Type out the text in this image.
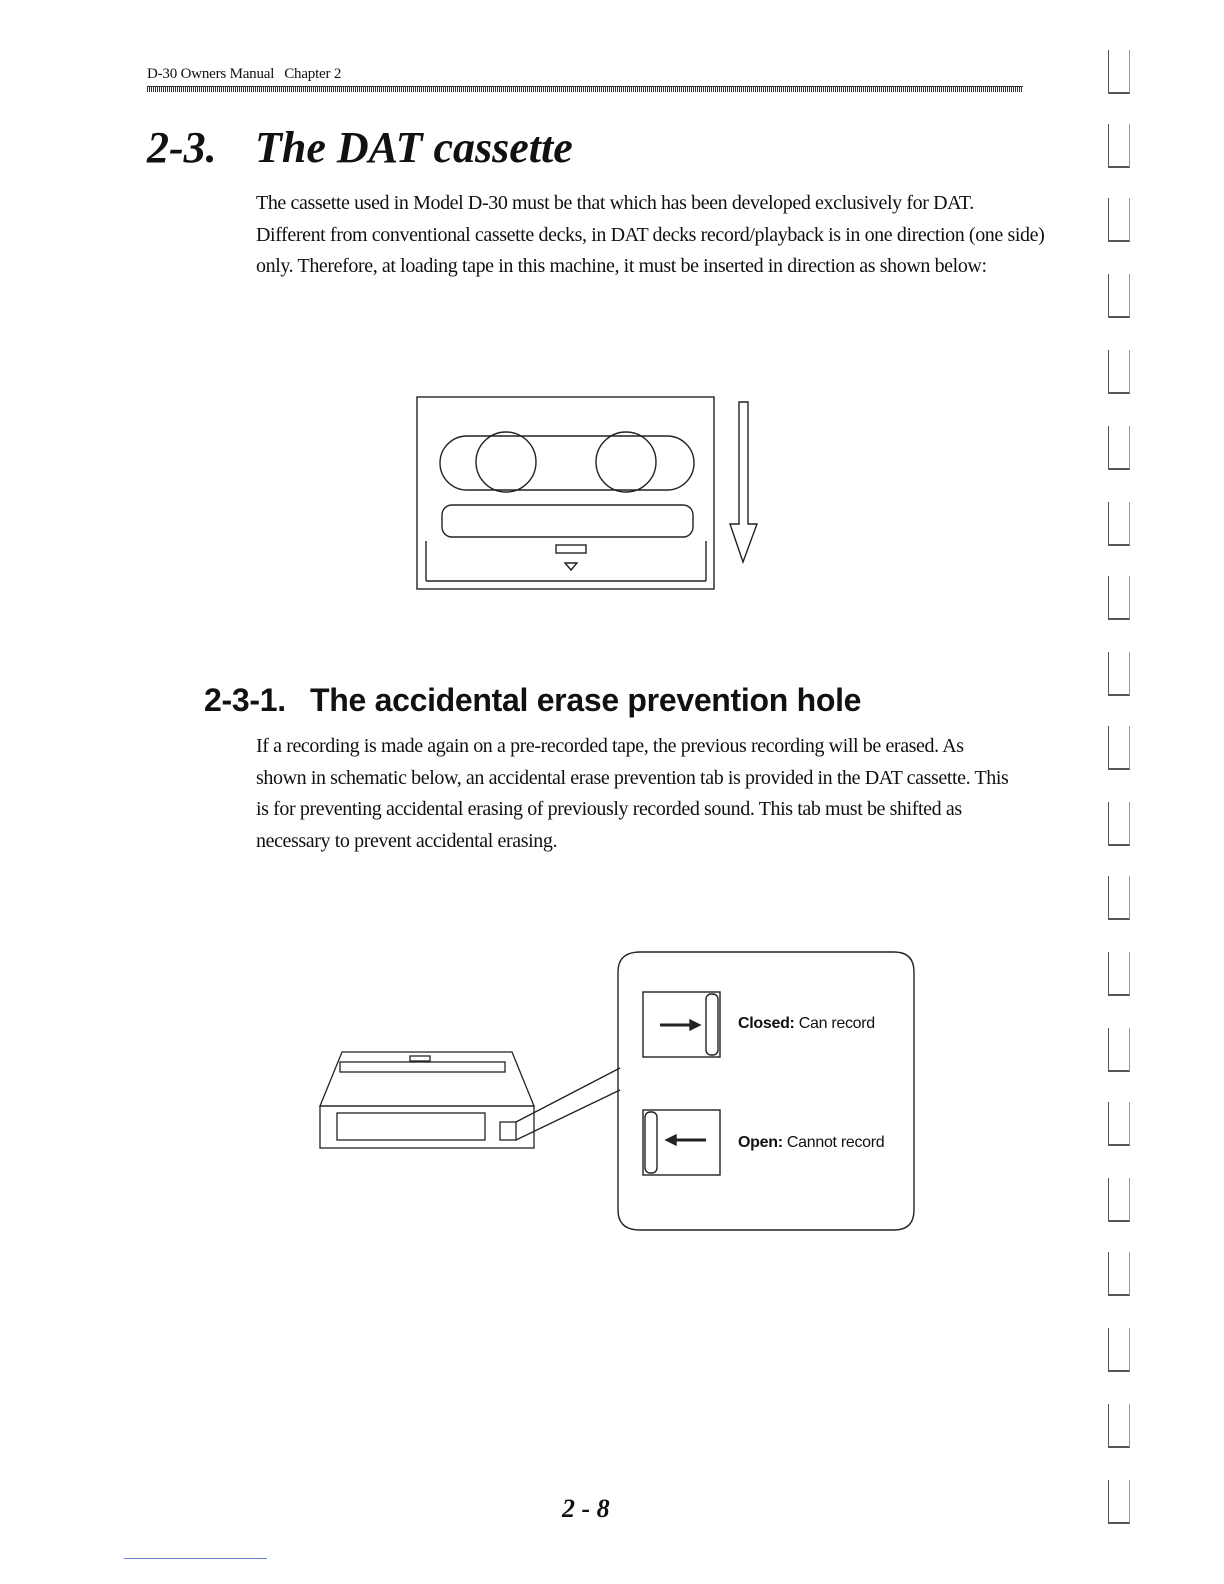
D-30 Owners Manual Chapter 2
2-3. The DAT cassette

The cassette used in Model D-30 must be that which has been developed exclusively for DAT.

Different from conventional cassette decks, in DAT decks record/playback is in one direction (one side) only. Therefore, at loading tape in this machine, it must be inserted in direction as shown below:

2-3-1. The accidental erase prevention hole

If a recording is made again on a pre-recorded tape, the previous recording will be erased. As shown in schematic below, an accidental erase prevention tab is provided in the DAT cassette. This is for preventing accidental erasing of previously recorded sound. This tab must be shifted as necessary to prevent accidental erasing.

Closed: Can record
Open: Cannot record
2 - 8
